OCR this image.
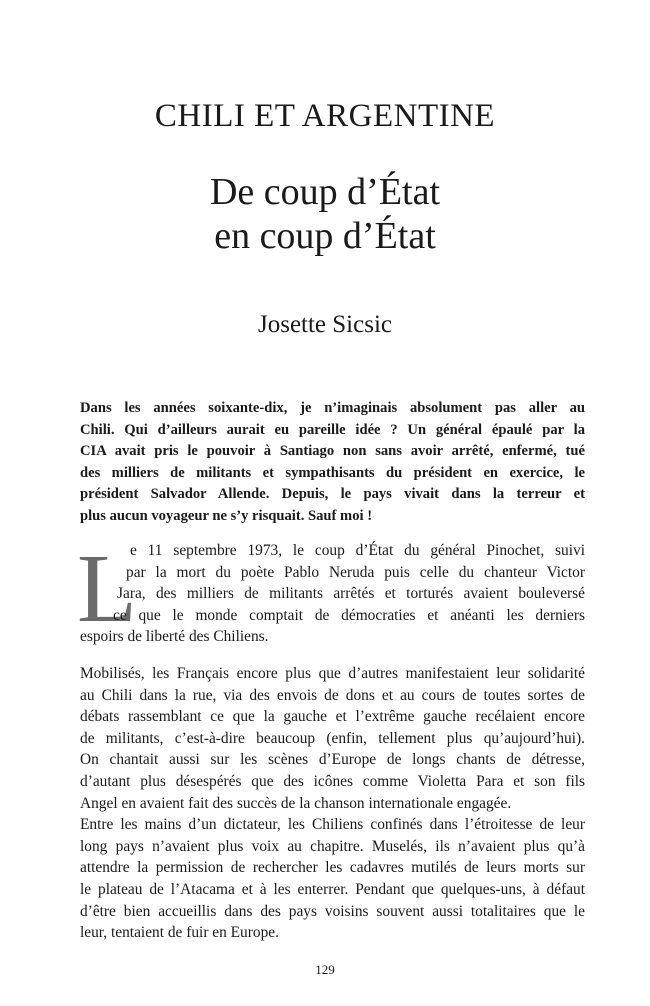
CHILI ET ARGENTINE
De coup d’État
en coup d’État
Josette Sicsic
Dans les années soixante-dix, je n’imaginais absolument pas aller au
Chili. Qui d’ailleurs aurait eu pareille idée ? Un général épaulé par la
CIA avait pris le pouvoir à Santiago non sans avoir arrêté, enfermé, tué
des milliers de militants et sympathisants du président en exercice, le
président Salvador Allende. Depuis, le pays vivait dans la terreur et
plus aucun voyageur ne s’y risquait. Sauf moi !
L
e 11 septembre 1973, le coup d’État du général Pinochet, suivi
par la mort du poète Pablo Neruda puis celle du chanteur Victor
Jara, des milliers de militants arrêtés et torturés avaient bouleversé
ce que le monde comptait de démocraties et anéanti les derniers
espoirs de liberté des Chiliens.
Mobilisés, les Français encore plus que d’autres manifestaient leur solidarité
au Chili dans la rue, via des envois de dons et au cours de toutes sortes de
débats rassemblant ce que la gauche et l’extrême gauche recélaient encore
de militants, c’est-à-dire beaucoup (enfin, tellement plus qu’aujourd’hui).
On chantait aussi sur les scènes d’Europe de longs chants de détresse,
d’autant plus désespérés que des icônes comme Violetta Para et son fils
Angel en avaient fait des succès de la chanson internationale engagée.
Entre les mains d’un dictateur, les Chiliens confinés dans l’étroitesse de leur
long pays n’avaient plus voix au chapitre. Muselés, ils n’avaient plus qu’à
attendre la permission de rechercher les cadavres mutilés de leurs morts sur
le plateau de l’Atacama et à les enterrer. Pendant que quelques-uns, à défaut
d’être bien accueillis dans des pays voisins souvent aussi totalitaires que le
leur, tentaient de fuir en Europe.
129
